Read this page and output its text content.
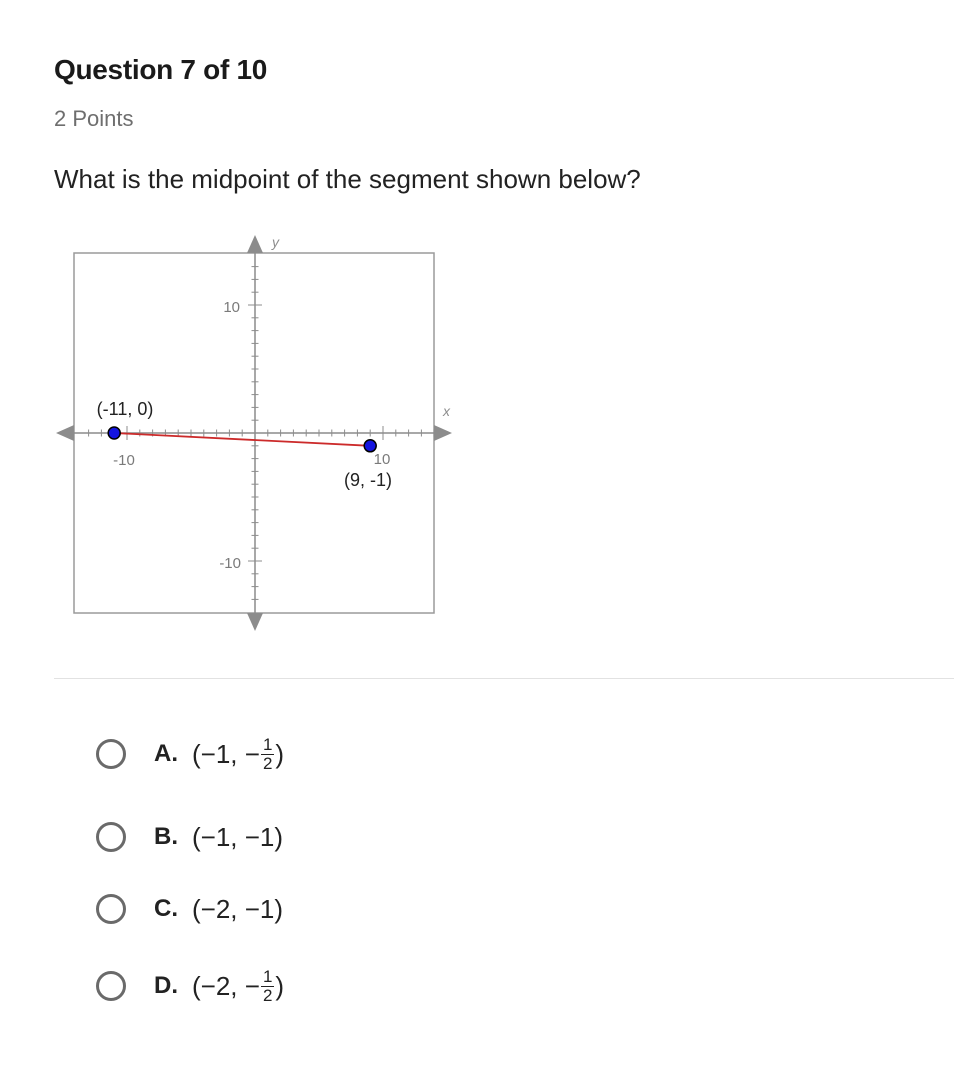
Question 7 of 10
2 Points
What is the midpoint of the segment shown below?
x
y
-10	10
10
-10
(-11, 0)
(9, -1)
A. (−1, − $\frac{1}{2}$ )
B. (−1, −1)
C. (−2, −1)
D. (−2, − $\frac{1}{2}$ )
